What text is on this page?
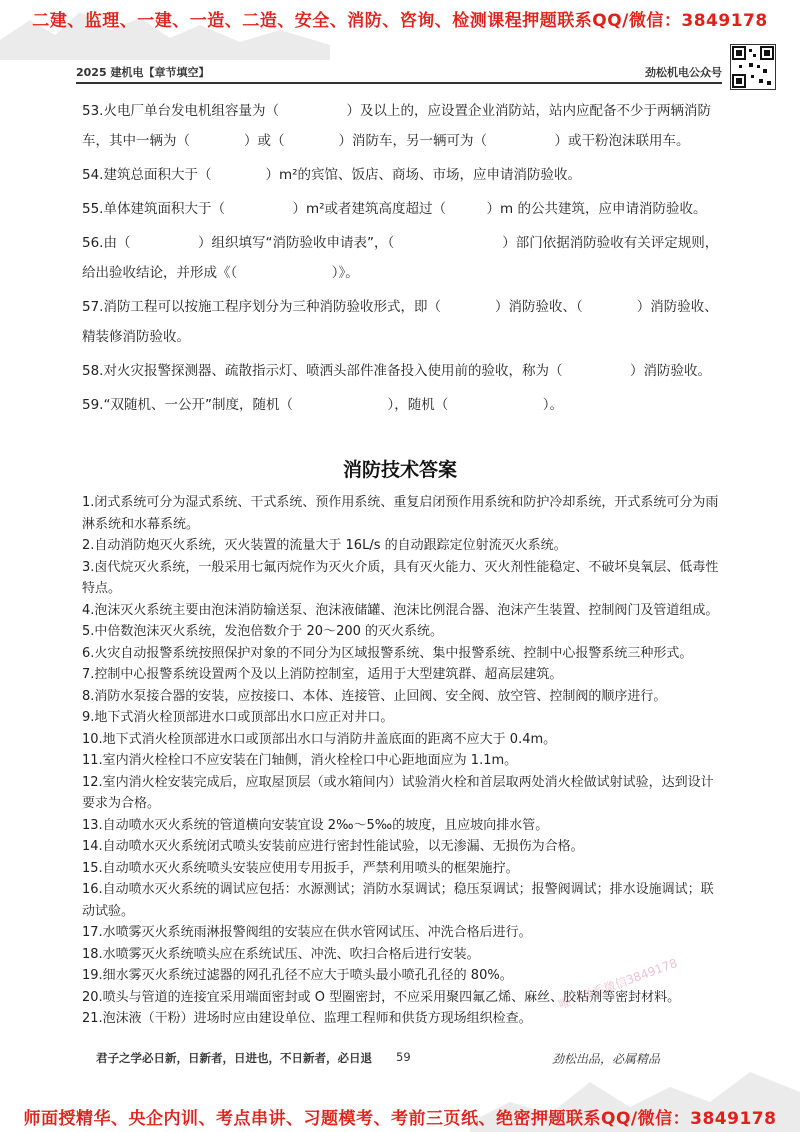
二建、监理、一建、一造、二造、安全、消防、咨询、检测课程押题联系QQ/微信：3849178
2025 建机电【章节填空】	劲松机电公众号

53.火电厂单台发电机组容量为（　　　　　）及以上的，应设置企业消防站，站内应配备不少于两辆消防车，其中一辆为（　　　　）或（　　　　）消防车，另一辆可为（　　　　　）或干粉泡沫联用车。

54.建筑总面积大于（　　　　）m²的宾馆、饭店、商场、市场，应申请消防验收。

55.单体建筑面积大于（　　　　　）m²或者建筑高度超过（　　　）m 的公共建筑，应申请消防验收。

56.由（　　　　　）组织填写“消防验收申请表”，（　　　　　　　　）部门依据消防验收有关评定规则，给出验收结论，并形成《（　　　　　　　）》。

57.消防工程可以按施工程序划分为三种消防验收形式，即（　　　　）消防验收、（　　　　）消防验收、精装修消防验收。

58.对火灾报警探测器、疏散指示灯、喷洒头部件准备投入使用前的验收，称为（　　　　　）消防验收。

59.“双随机、一公开”制度，随机（　　　　　　　），随机（　　　　　　　）。

消防技术答案

1.闭式系统可分为湿式系统、干式系统、预作用系统、重复启闭预作用系统和防护冷却系统，开式系统可分为雨淋系统和水幕系统。

2.自动消防炮灭火系统，灭火装置的流量大于 16L/s 的自动跟踪定位射流灭火系统。

3.卤代烷灭火系统，一般采用七氟丙烷作为灭火介质，具有灭火能力、灭火剂性能稳定、不破坏臭氧层、低毒性特点。

4.泡沫灭火系统主要由泡沫消防输送泵、泡沫液储罐、泡沫比例混合器、泡沫产生装置、控制阀门及管道组成。

5.中倍数泡沫灭火系统，发泡倍数介于 20～200 的灭火系统。

6.火灾自动报警系统按照保护对象的不同分为区域报警系统、集中报警系统、控制中心报警系统三种形式。

7.控制中心报警系统设置两个及以上消防控制室，适用于大型建筑群、超高层建筑。

8.消防水泵接合器的安装，应按接口、本体、连接管、止回阀、安全阀、放空管、控制阀的顺序进行。

9.地下式消火栓顶部进水口或顶部出水口应正对井口。

10.地下式消火栓顶部进水口或顶部出水口与消防井盖底面的距离不应大于 0.4m。

11.室内消火栓栓口不应安装在门轴侧，消火栓栓口中心距地面应为 1.1m。

12.室内消火栓安装完成后，应取屋顶层（或水箱间内）试验消火栓和首层取两处消火栓做试射试验，达到设计要求为合格。

13.自动喷水灭火系统的管道横向安装宜设 2‰～5‰的坡度，且应坡向排水管。

14.自动喷水灭火系统闭式喷头安装前应进行密封性能试验，以无渗漏、无损伤为合格。

15.自动喷水灭火系统喷头安装应使用专用扳手，严禁利用喷头的框架施拧。

16.自动喷水灭火系统的调试应包括：水源测试；消防水泵调试；稳压泵调试；报警阀调试；排水设施调试；联动试验。

17.水喷雾灭火系统雨淋报警阀组的安装应在供水管网试压、冲洗合格后进行。

18.水喷雾灭火系统喷头应在系统试压、冲洗、吹扫合格后进行安装。

19.细水雾灭火系统过滤器的网孔孔径不应大于喷头最小喷孔孔径的 80%。

20.喷头与管道的连接宜采用端面密封或 O 型圈密封，不应采用聚四氟乙烯、麻丝、胶粘剂等密封材料。

21.泡沫液（干粉）进场时应由建设单位、监理工程师和供货方现场组织检查。

唯一联系微信3849178
君子之学必日新，日新者，日进也，不日新者，必日退 59	劲松出品，必属精品
师面授精华、央企内训、考点串讲、习题模考、考前三页纸、绝密押题联系QQ/微信：3849178
